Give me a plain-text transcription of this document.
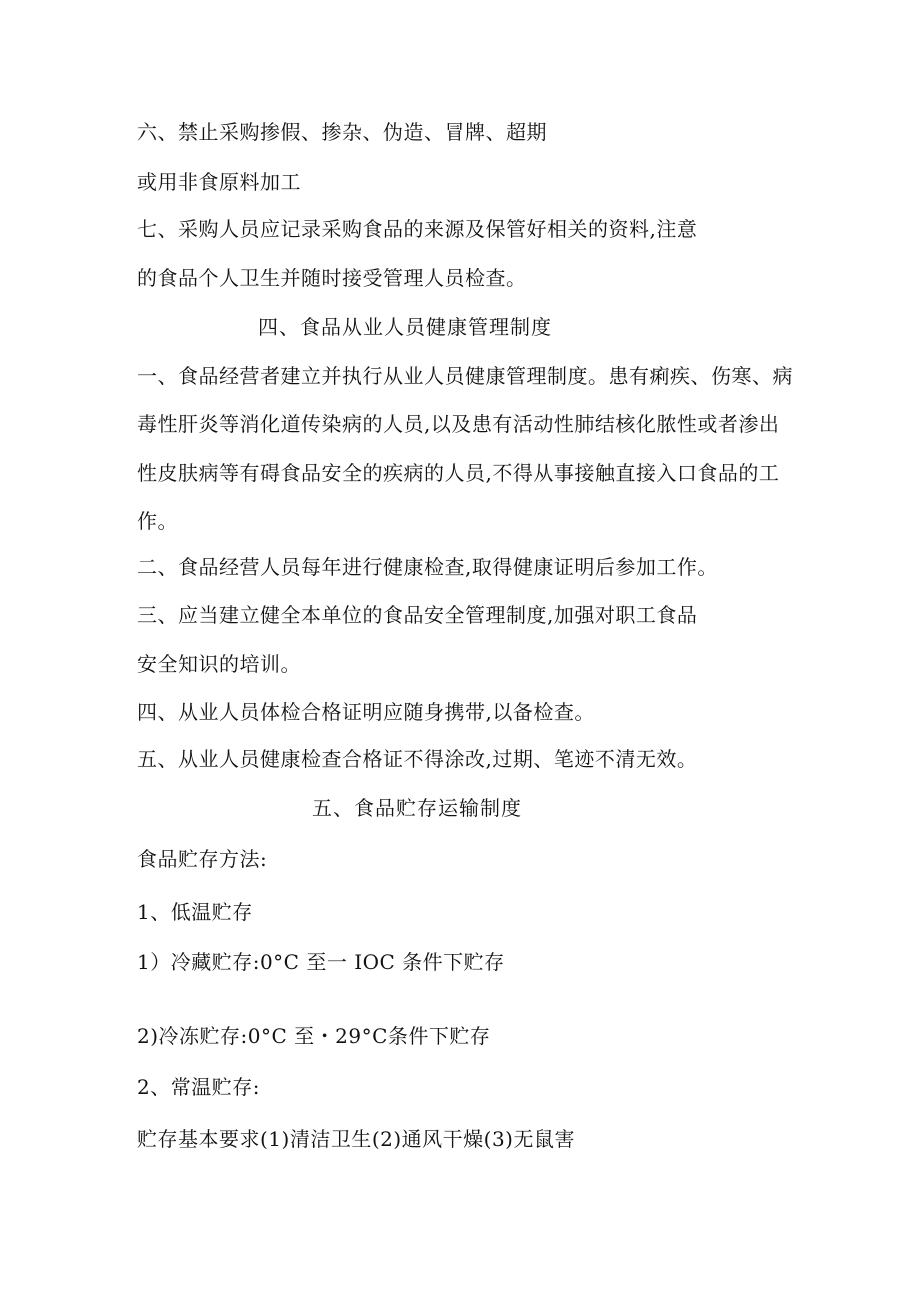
六、禁止采购掺假、掺杂、伪造、冒牌、超期
或用非食原料加工
七、采购人员应记录采购食品的来源及保管好相关的资料,注意
的食品个人卫生并随时接受管理人员检查。
四、食品从业人员健康管理制度
一、食品经营者建立并执行从业人员健康管理制度。患有痢疾、伤寒、病
毒性肝炎等消化道传染病的人员,以及患有活动性肺结核化脓性或者渗出
性皮肤病等有碍食品安全的疾病的人员,不得从事接触直接入口食品的工
作。
二、食品经营人员每年进行健康检查,取得健康证明后参加工作。
三、应当建立健全本单位的食品安全管理制度,加强对职工食品
安全知识的培训。
四、从业人员体检合格证明应随身携带,以备检查。
五、从业人员健康检查合格证不得涂改,过期、笔迹不清无效。
五、食品贮存运输制度
食品贮存方法:
1、低温贮存
1）冷藏贮存:0°C 至一 IOC 条件下贮存
2)冷冻贮存:0°C 至・29°C条件下贮存
2、常温贮存:
贮存基本要求(1)清洁卫生(2)通风干燥(3)无鼠害
